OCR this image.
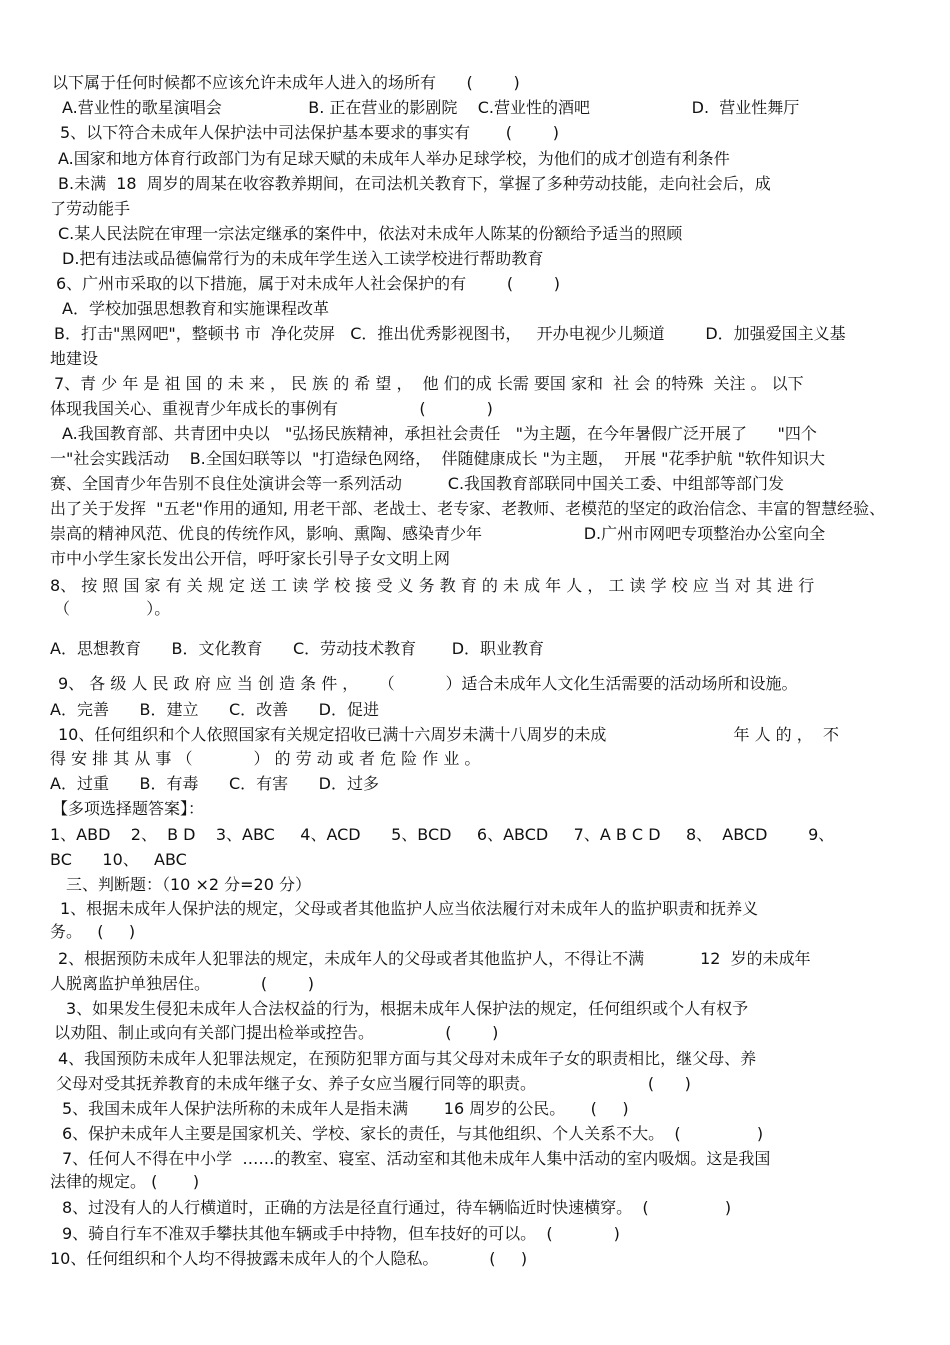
以下属于任何时候都不应该允许未成年人进入的场所有      (        )
A.营业性的歌星演唱会                 B. 正在营业的影剧院    C.营业性的酒吧                    D.  营业性舞厅
5、以下符合未成年人保护法中司法保护基本要求的事实有       (        )
A.国家和地方体育行政部门为有足球天赋的未成年人举办足球学校，为他们的成才创造有利条件
B.未满  18  周岁的周某在收容教养期间，在司法机关教育下，掌握了多种劳动技能，走向社会后，成
了劳动能手
C.某人民法院在审理一宗法定继承的案件中，依法对未成年人陈某的份额给予适当的照顾
D.把有违法或品德偏常行为的未成年学生送入工读学校进行帮助教育
6、广州市采取的以下措施，属于对未成年人社会保护的有        (        )
A．学校加强思想教育和实施课程改革
B．打击"黑网吧"，整顿书 市  净化荧屏   C．推出优秀影视图书，   开办电视少儿频道        D．加强爱国主义基
地建设
7、青 少 年 是 祖 国 的 未 来 ， 民 族 的 希 望 ，  他 们的成 长需 要国 家和  社 会 的特殊  关注 。 以下
体现我国关心、重视青少年成长的事例有                (            )
A.我国教育部、共青团中央以   "弘扬民族精神，承担社会责任   "为主题，在今年暑假广泛开展了      "四个
一"社会实践活动    B.全国妇联等以  "打造绿色网络，  伴随健康成长 "为主题，  开展 "花季护航 "软件知识大
赛、全国青少年告别不良住处演讲会等一系列活动         C.我国教育部联同中国关工委、中组部等部门发
出了关于发挥  "五老"作用的通知, 用老干部、老战士、老专家、老教师、老模范的坚定的政治信念、丰富的智慧经验、
崇高的精神风范、优良的传统作风，影响、熏陶、感染青少年                    D.广州市网吧专项整治办公室向全
市中小学生家长发出公开信，呼吁家长引导子女文明上网
8、 按 照 国 家 有 关 规 定 送 工 读 学 校 接 受 义 务 教 育 的 未 成 年 人 ， 工 读 学 校 应 当 对 其 进 行
（               ）。
A．思想教育      B．文化教育      C．劳动技术教育       D．职业教育
9、 各 级 人 民 政 府 应 当 创 造 条 件 ，    （          ）适合未成年人文化生活需要的活动场所和设施。
A．完善      B．建立      C．改善      D．促进
10、任何组织和个人依照国家有关规定招收已满十六周岁未满十八周岁的未成                         年 人 的 ，  不
得 安 排 其 从 事 （            ） 的 劳 动 或 者 危 险 作 业 。
A．过重      B．有毒      C．有害      D．过多
【多项选择题答案】：
1、ABD    2、  B D    3、ABC     4、ACD      5、BCD     6、ABCD     7、A B C D     8、  ABCD        9、
BC      10、   ABC
三、判断题：（10 ×2 分=20 分）
1、根据未成年人保护法的规定，父母或者其他监护人应当依法履行对未成年人的监护职责和抚养义
务。   (     )
2、根据预防未成年人犯罪法的规定，未成年人的父母或者其他监护人，不得让不满           12  岁的未成年
人脱离监护单独居住。          (        )
3、如果发生侵犯未成年人合法权益的行为，根据未成年人保护法的规定，任何组织或个人有权予
以劝阻、制止或向有关部门提出检举或控告。              (        )
4、我国预防未成年人犯罪法规定，在预防犯罪方面与其父母对未成年子女的职责相比，继父母、养
父母对受其抚养教育的未成年继子女、养子女应当履行同等的职责。                      (      )
5、我国未成年人保护法所称的未成年人是指未满       16 周岁的公民。     (     )
6、保护未成年人主要是国家机关、学校、家长的责任，与其他组织、个人关系不大。  (               )
7、任何人不得在中小学  ……的教室、寝室、活动室和其他未成年人集中活动的室内吸烟。这是我国
法律的规定。 (       )
8、过没有人的人行横道时，正确的方法是径直行通过，待车辆临近时快速横穿。  (               )
9、骑自行车不准双手攀扶其他车辆或手中持物，但车技好的可以。  (            )
10、任何组织和个人均不得披露未成年人的个人隐私。          (     )
